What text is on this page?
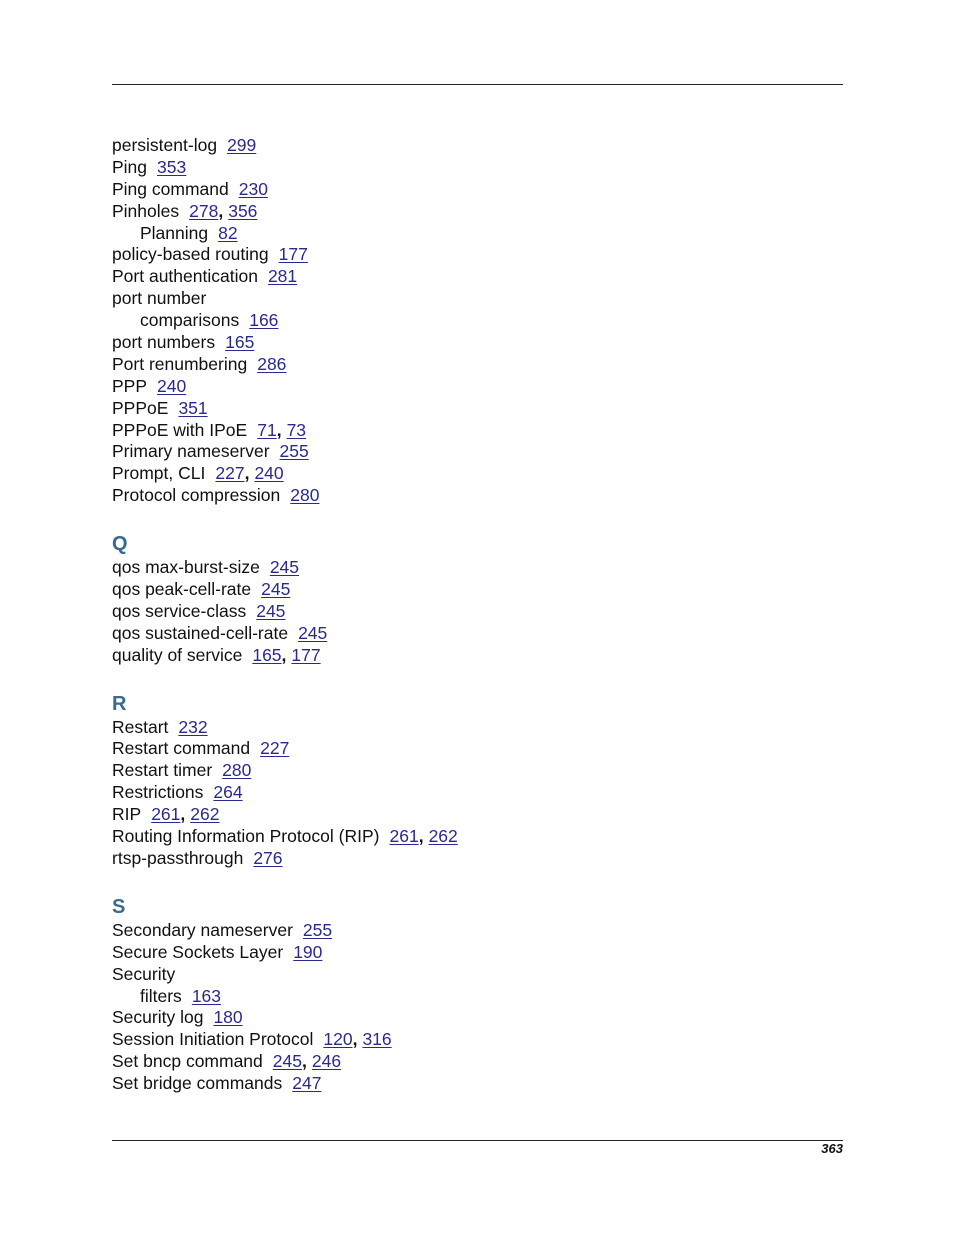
persistent-log 299
Ping 353
Ping command 230
Pinholes 278, 356
Planning 82
policy-based routing 177
Port authentication 281
port number
comparisons 166
port numbers 165
Port renumbering 286
PPP 240
PPPoE 351
PPPoE with IPoE 71, 73
Primary nameserver 255
Prompt, CLI 227, 240
Protocol compression 280
Q
qos max-burst-size 245
qos peak-cell-rate 245
qos service-class 245
qos sustained-cell-rate 245
quality of service 165, 177
R
Restart 232
Restart command 227
Restart timer 280
Restrictions 264
RIP 261, 262
Routing Information Protocol (RIP) 261, 262
rtsp-passthrough 276
S
Secondary nameserver 255
Secure Sockets Layer 190
Security
filters 163
Security log 180
Session Initiation Protocol 120, 316
Set bncp command 245, 246
Set bridge commands 247
363
